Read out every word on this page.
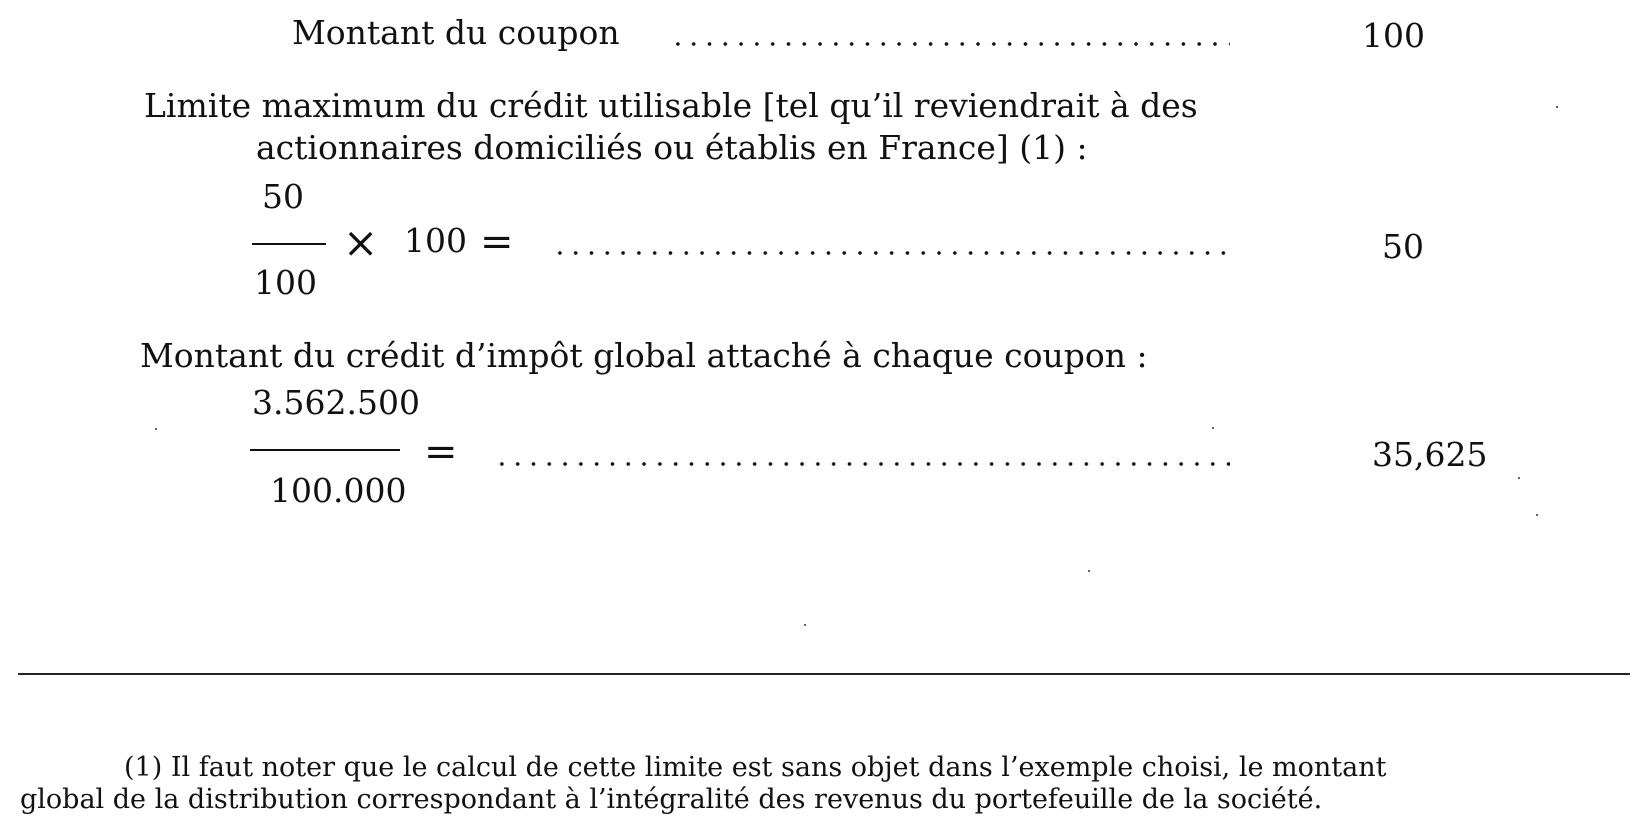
Montant du coupon	100
Limite maximum du crédit utilisable [tel qu’il reviendrait à des
actionnaires domiciliés ou établis en France] (1) :
50
100
× 100 =	50
Montant du crédit d’impôt global attaché à chaque coupon :
3.562.500
100.000
=	35,625
(1) Il faut noter que le calcul de cette limite est sans objet dans l’exemple choisi, le montant
global de la distribution correspondant à l’intégralité des revenus du portefeuille de la société.
